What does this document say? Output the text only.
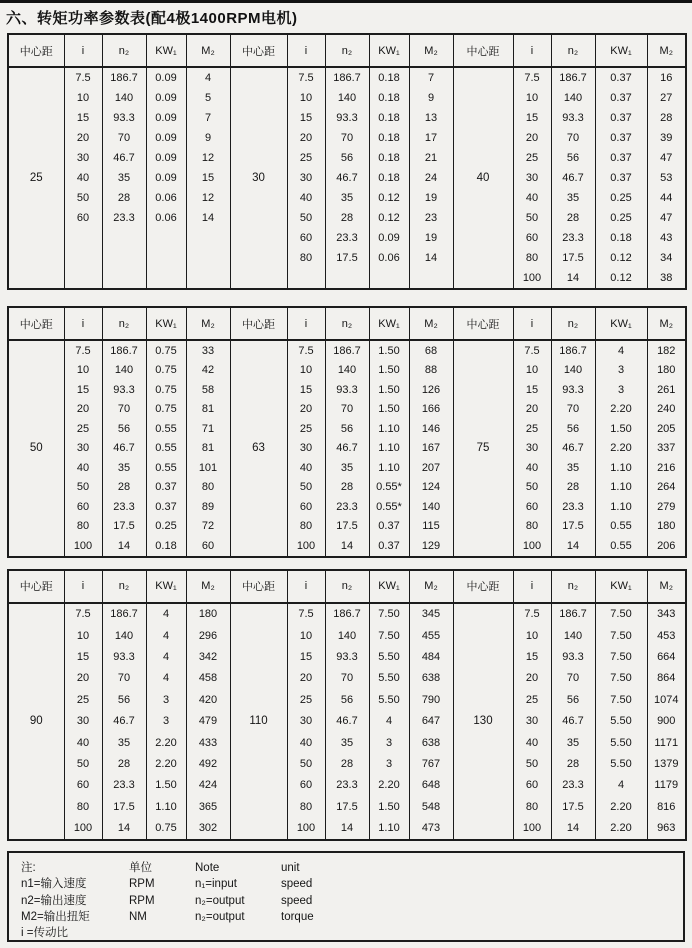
六、转矩功率参数表(配4极1400RPM电机)
中心距	i	n₂	KW₁	M₂	中心距	i	n₂	KW₁	M₂	中心距	i	n₂	KW₁	M₂
25	7.5	186.7	0.09	4	30	7.5	186.7	0.18	7	40	7.5	186.7	0.37	16
	10	140	0.09	5		10	140	0.18	9		10	140	0.37	27
	15	93.3	0.09	7		15	93.3	0.18	13		15	93.3	0.37	28
	20	70	0.09	9		20	70	0.18	17		20	70	0.37	39
	30	46.7	0.09	12		25	56	0.18	21		25	56	0.37	47
	40	35	0.09	15		30	46.7	0.18	24		30	46.7	0.37	53
	50	28	0.06	12		40	35	0.12	19		40	35	0.25	44
	60	23.3	0.06	14		50	28	0.12	23		50	28	0.25	47
						60	23.3	0.09	19		60	23.3	0.18	43
						80	17.5	0.06	14		80	17.5	0.12	34
											100	14	0.12	38
中心距	i	n₂	KW₁	M₂	中心距	i	n₂	KW₁	M₂	中心距	i	n₂	KW₁	M₂
50	7.5	186.7	0.75	33	63	7.5	186.7	1.50	68	75	7.5	186.7	4	182
	10	140	0.75	42		10	140	1.50	88		10	140	3	180
	15	93.3	0.75	58		15	93.3	1.50	126		15	93.3	3	261
	20	70	0.75	81		20	70	1.50	166		20	70	2.20	240
	25	56	0.55	71		25	56	1.10	146		25	56	1.50	205
	30	46.7	0.55	81		30	46.7	1.10	167		30	46.7	2.20	337
	40	35	0.55	101		40	35	1.10	207		40	35	1.10	216
	50	28	0.37	80		50	28	0.55*	124		50	28	1.10	264
	60	23.3	0.37	89		60	23.3	0.55*	140		60	23.3	1.10	279
	80	17.5	0.25	72		80	17.5	0.37	115		80	17.5	0.55	180
	100	14	0.18	60		100	14	0.37	129		100	14	0.55	206
中心距	i	n₂	KW₁	M₂	中心距	i	n₂	KW₁	M₂	中心距	i	n₂	KW₁	M₂
90	7.5	186.7	4	180	110	7.5	186.7	7.50	345	130	7.5	186.7	7.50	343
	10	140	4	296		10	140	7.50	455		10	140	7.50	453
	15	93.3	4	342		15	93.3	5.50	484		15	93.3	7.50	664
	20	70	4	458		20	70	5.50	638		20	70	7.50	864
	25	56	3	420		25	56	5.50	790		25	56	7.50	1074
	30	46.7	3	479		30	46.7	4	647		30	46.7	5.50	900
	40	35	2.20	433		40	35	3	638		40	35	5.50	1171
	50	28	2.20	492		50	28	3	767		50	28	5.50	1379
	60	23.3	1.50	424		60	23.3	2.20	648		60	23.3	4	1179
	80	17.5	1.10	365		80	17.5	1.50	548		80	17.5	2.20	816
	100	14	0.75	302		100	14	1.10	473		100	14	2.20	963
注:	单位	Note	unit
n1=输入速度	RPM	n₁=input	speed
n2=输出速度	RPM	n₂=output	speed
M2=输出扭矩	NM	n₂=output	torque
i =传动比
